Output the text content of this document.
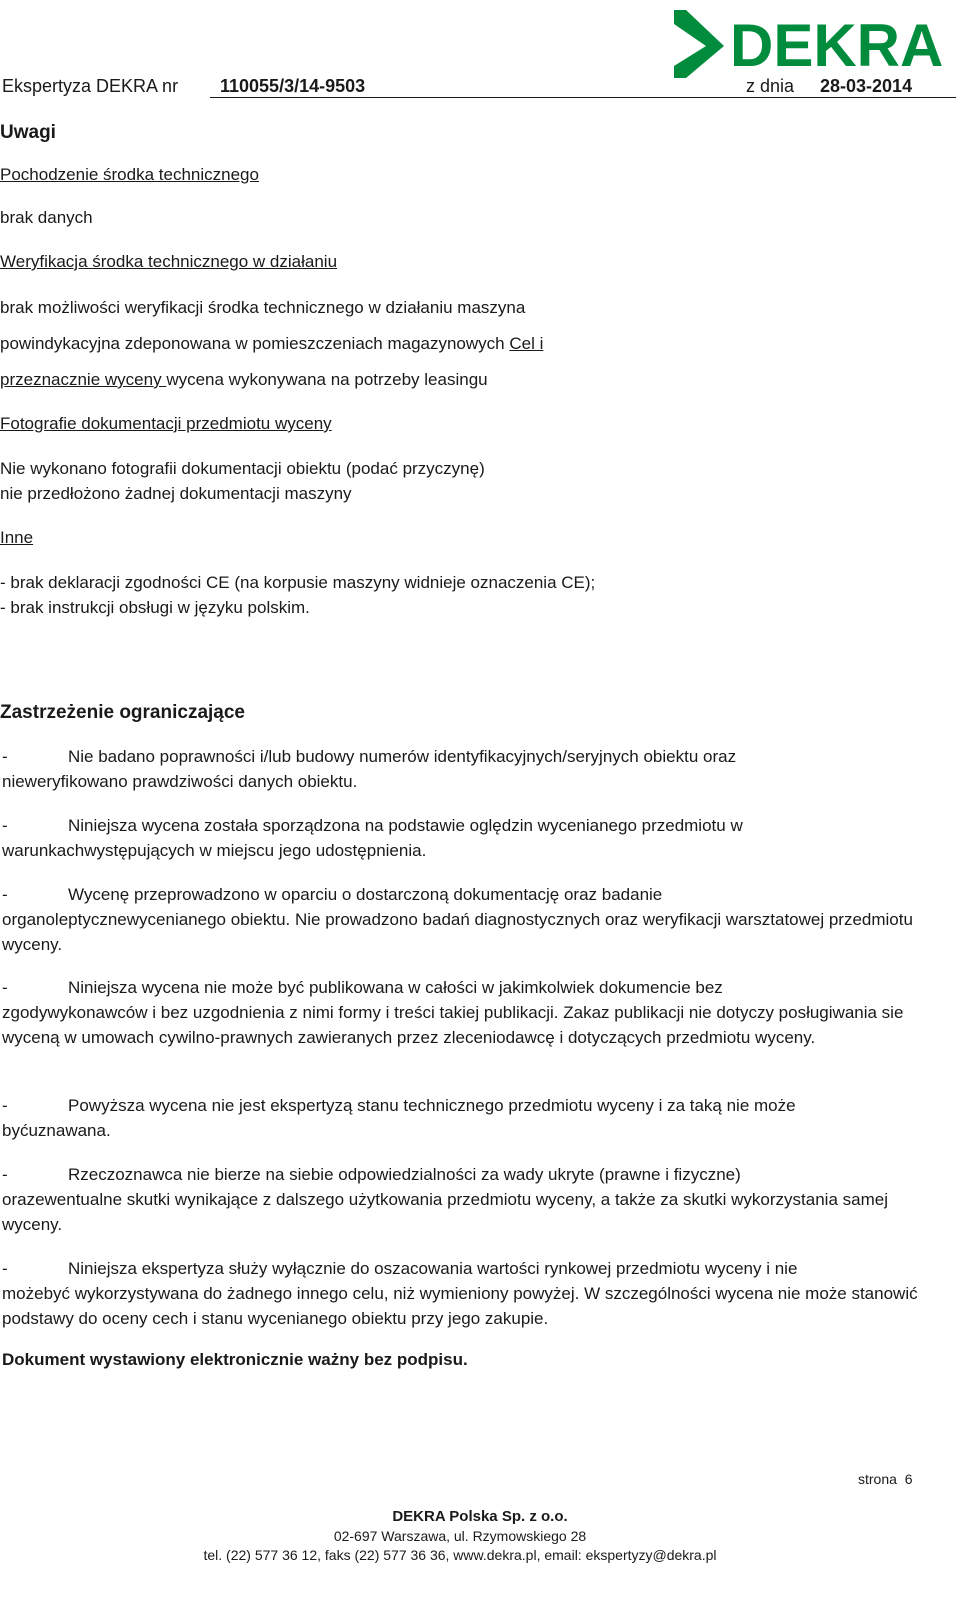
DEKRA
Ekspertyza DEKRA nr 110055/3/14-9503	z dnia 28-03-2014
Uwagi
Pochodzenie środka technicznego
brak danych
Weryfikacja środka technicznego w działaniu
brak możliwości weryfikacji środka technicznego w działaniu maszyna
powindykacyjna zdeponowana w pomieszczeniach magazynowych Cel i
przeznacznie wyceny wycena wykonywana na potrzeby leasingu
Fotografie dokumentacji przedmiotu wyceny
Nie wykonano fotografii dokumentacji obiektu (podać przyczynę)
nie przedłożono żadnej dokumentacji maszyny
Inne
- brak deklaracji zgodności CE (na korpusie maszyny widnieje oznaczenia CE);
- brak instrukcji obsługi w języku polskim.
Zastrzeżenie ograniczające
-	Nie badano poprawności i/lub budowy numerów identyfikacyjnych/seryjnych obiektu oraz
nieweryfikowano prawdziwości danych obiektu.
-	Niniejsza wycena została sporządzona na podstawie oględzin wycenianego przedmiotu w
warunkachwystępujących w miejscu jego udostępnienia.
-	Wycenę przeprowadzono w oparciu o dostarczoną dokumentację oraz badanie
organoleptycznewycenianego obiektu. Nie prowadzono badań diagnostycznych oraz weryfikacji warsztatowej przedmiotu wyceny.
-	Niniejsza wycena nie może być publikowana w całości w jakimkolwiek dokumencie bez
zgodywykonawców i bez uzgodnienia z nimi formy i treści takiej publikacji. Zakaz publikacji nie dotyczy posługiwania sie wyceną w umowach cywilno-prawnych zawieranych przez zleceniodawcę i dotyczących przedmiotu wyceny.
-	Powyższa wycena nie jest ekspertyzą stanu technicznego przedmiotu wyceny i za taką nie może
byćuznawana.
-	Rzeczoznawca nie bierze na siebie odpowiedzialności za wady ukryte (prawne i fizyczne)
orazewentualne skutki wynikające z dalszego użytkowania przedmiotu wyceny, a także za skutki wykorzystania samej wyceny.
-	Niniejsza ekspertyza służy wyłącznie do oszacowania wartości rynkowej przedmiotu wyceny i nie
możebyć wykorzystywana do żadnego innego celu, niż wymieniony powyżej. W szczególności wycena nie może stanowić podstawy do oceny cech i stanu wycenianego obiektu przy jego zakupie.
Dokument wystawiony elektronicznie ważny bez podpisu.
strona 6
DEKRA Polska Sp. z o.o.
02-697 Warszawa, ul. Rzymowskiego 28
tel. (22) 577 36 12, faks (22) 577 36 36, www.dekra.pl, email: ekspertyzy@dekra.pl
